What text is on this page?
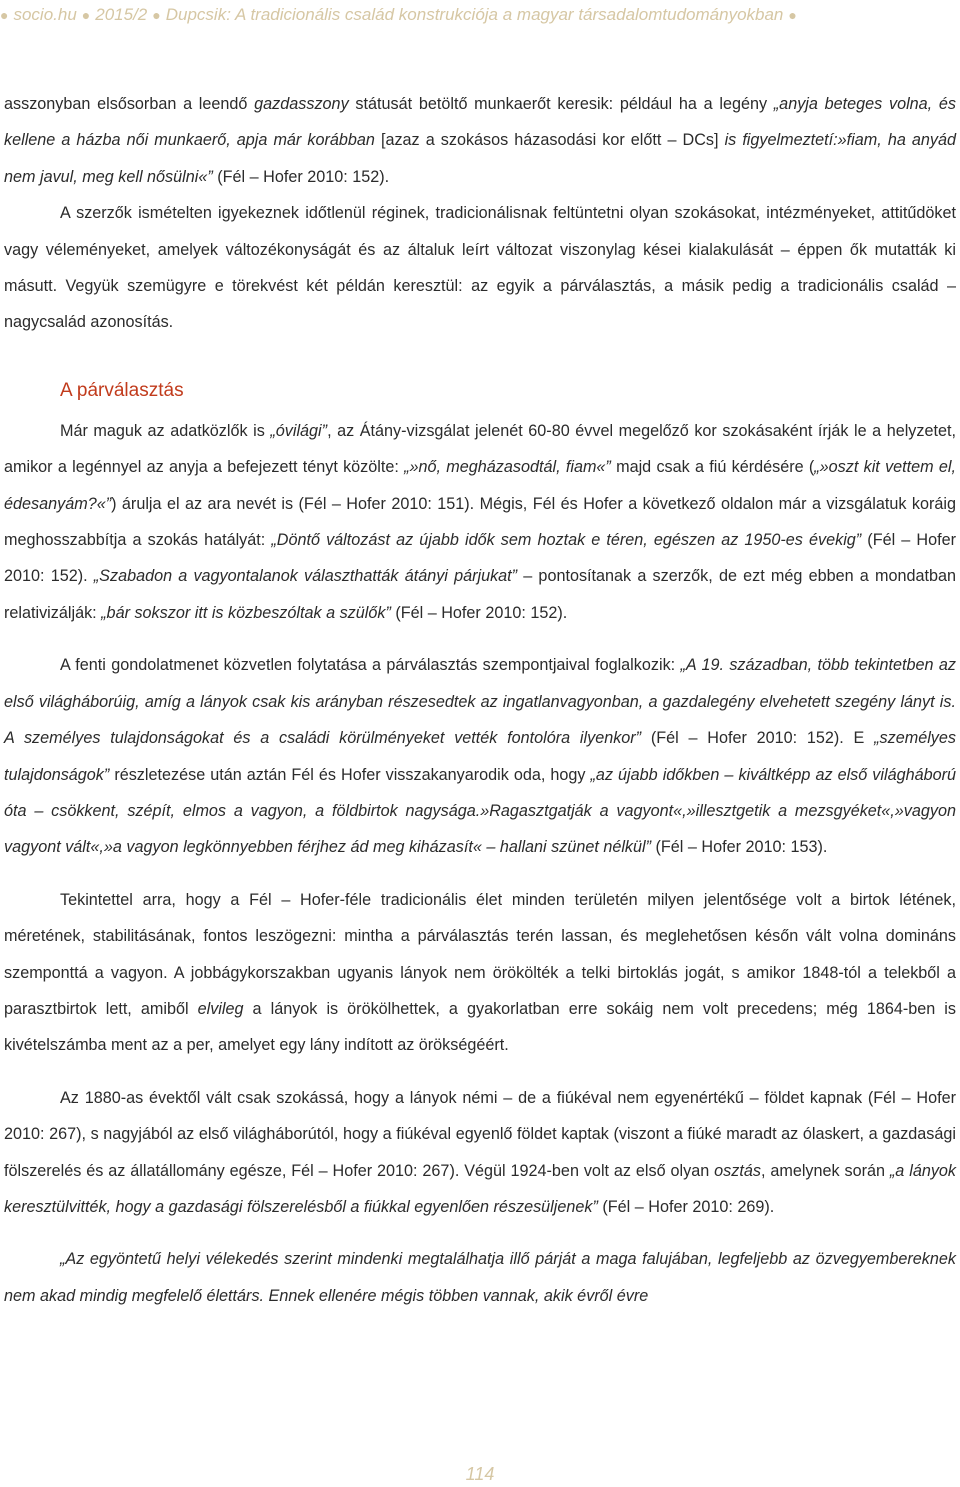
● socio.hu ● 2015/2 ● Dupcsik: A tradicionális család konstrukciója a magyar társadalomtudományokban ●

asszonyban elsősorban a leendő gazdasszony státusát betöltő munkaerőt keresik: például ha a legény „anyja beteges volna, és kellene a házba női munkaerő, apja már korábban [azaz a szokásos házasodási kor előtt – DCs] is figyelmeztetí:»fiam, ha anyád nem javul, meg kell nősülni«” (Fél – Hofer 2010: 152).

A szerzők ismételten igyekeznek időtlenül réginek, tradicionálisnak feltüntetni olyan szokásokat, intézményeket, attitűdöket vagy véleményeket, amelyek változékonyságát és az általuk leírt változat viszonylag kései kialakulását – éppen ők mutatták ki másutt. Vegyük szemügyre e törekvést két példán keresztül: az egyik a párválasztás, a másik pedig a tradicionális család – nagycsalád azonosítás.

A párválasztás

Már maguk az adatközlők is „óvilági”, az Átány-vizsgálat jelenét 60-80 évvel megelőző kor szokásaként írják le a helyzetet, amikor a legénnyel az anyja a befejezett tényt közölte: „»nő, megházasodtál, fiam«” majd csak a fiú kérdésére („»oszt kit vettem el, édesanyám?«”) árulja el az ara nevét is (Fél – Hofer 2010: 151). Mégis, Fél és Hofer a következő oldalon már a vizsgálatuk koráig meghosszabbítja a szokás hatályát: „Döntő változást az újabb idők sem hoztak e téren, egészen az 1950-es évekig” (Fél – Hofer 2010: 152). „Szabadon a vagyontalanok választhatták átányi párjukat” – pontosítanak a szerzők, de ezt még ebben a mondatban relativizálják: „bár sokszor itt is közbeszóltak a szülők” (Fél – Hofer 2010: 152).

A fenti gondolatmenet közvetlen folytatása a párválasztás szempontjaival foglalkozik: „A 19. században, több tekintetben az első világháborúig, amíg a lányok csak kis arányban részesedtek az ingatlanvagyonban, a gazdalegény elvehetett szegény lányt is. A személyes tulajdonságokat és a családi körülményeket vették fontolóra ilyenkor” (Fél – Hofer 2010: 152). E „személyes tulajdonságok” részletezése után aztán Fél és Hofer visszakanyarodik oda, hogy „az újabb időkben – kiváltképp az első világháború óta – csökkent, szépít, elmos a vagyon, a földbirtok nagysága.»Ragasztgatják a vagyont«,»illesztgetik a mezsgyéket«,»vagyon vagyont vált«,»a vagyon legkönnyebben férjhez ád meg kiházasít« – hallani szünet nélkül” (Fél – Hofer 2010: 153).

Tekintettel arra, hogy a Fél – Hofer-féle tradicionális élet minden területén milyen jelentősége volt a birtok létének, méretének, stabilitásának, fontos leszögezni: mintha a párválasztás terén lassan, és meglehetősen későn vált volna domináns szemponttá a vagyon. A jobbágykorszakban ugyanis lányok nem örökölték a telki birtoklás jogát, s amikor 1848-tól a telekből a parasztbirtok lett, amiből elvileg a lányok is örökölhettek, a gyakorlatban erre sokáig nem volt precedens; még 1864-ben is kivételszámba ment az a per, amelyet egy lány indított az örökségéért.

Az 1880-as évektől vált csak szokássá, hogy a lányok némi – de a fiúkéval nem egyenértékű – földet kapnak (Fél – Hofer 2010: 267), s nagyjából az első világháborútól, hogy a fiúkéval egyenlő földet kaptak (viszont a fiúké maradt az ólaskert, a gazdasági fölszerelés és az állatállomány egésze, Fél – Hofer 2010: 267). Végül 1924-ben volt az első olyan osztás, amelynek során „a lányok keresztülvitték, hogy a gazdasági fölszerelésből a fiúkkal egyenlően részesüljenek” (Fél – Hofer 2010: 269).

„Az egyöntetű helyi vélekedés szerint mindenki megtalálhatja illő párját a maga falujában, legfeljebb az özvegyembereknek nem akad mindig megfelelő élettárs. Ennek ellenére mégis többen vannak, akik évről évre

114
